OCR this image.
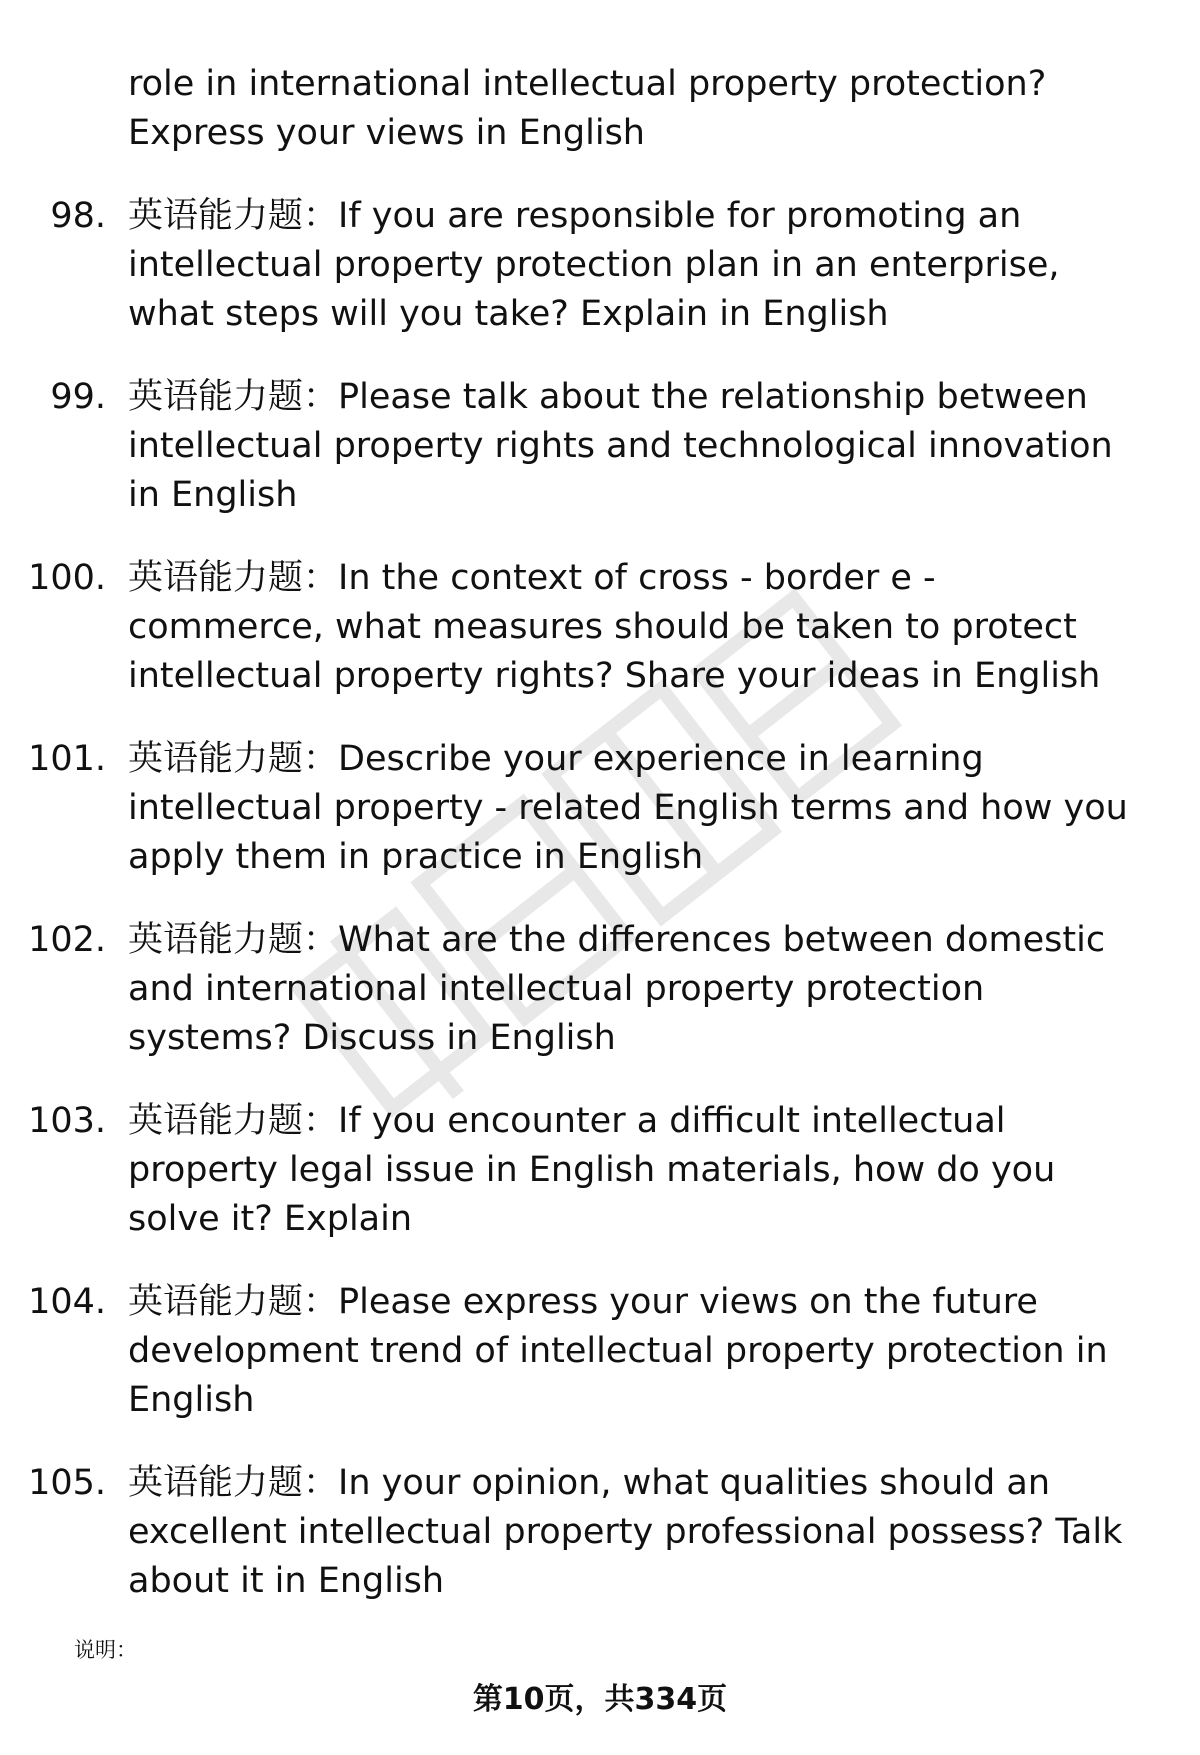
role in international intellectual property protection? Express your views in English
98. 英语能力题：If you are responsible for promoting an intellectual property protection plan in an enterprise, what steps will you take? Explain in English
99. 英语能力题：Please talk about the relationship between intellectual property rights and technological innovation in English
100. 英语能力题：In the context of cross - border e - commerce, what measures should be taken to protect intellectual property rights? Share your ideas in English
101. 英语能力题：Describe your experience in learning intellectual property - related English terms and how you apply them in practice in English
102. 英语能力题：What are the differences between domestic and international intellectual property protection systems? Discuss in English
103. 英语能力题：If you encounter a difficult intellectual property legal issue in English materials, how do you solve it? Explain
104. 英语能力题：Please express your views on the future development trend of intellectual property protection in English
105. 英语能力题：In your opinion, what qualities should an excellent intellectual property professional possess? Talk about it in English
说明：
第10页，共334页
